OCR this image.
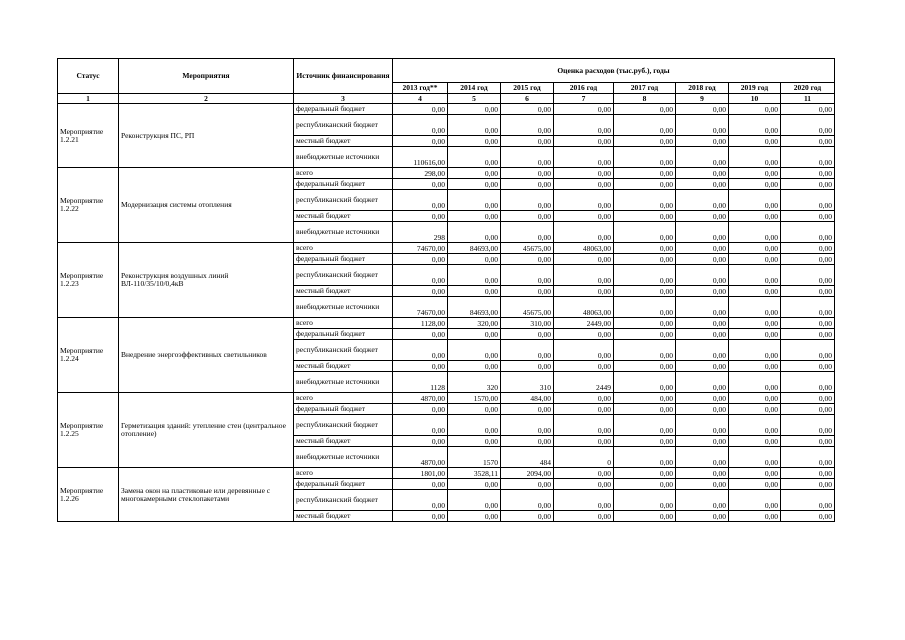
Статус	Мероприятия	Источник финансирования	Оценка расходов (тыс.руб.), годы							
			2013 год**	2014 год	2015 год	2016 год	2017 год	2018 год	2019 год	2020 год
1	2	3	4	5	6	7	8	9	10	11
Мероприятие 1.2.21	Реконструкция ПС, РП	федеральный бюджет	0,00	0,00	0,00	0,00	0,00	0,00	0,00	0,00
		республиканский бюджет	0,00	0,00	0,00	0,00	0,00	0,00	0,00	0,00
		местный бюджет	0,00	0,00	0,00	0,00	0,00	0,00	0,00	0,00
		внебюджетные источники	110616,00	0,00	0,00	0,00	0,00	0,00	0,00	0,00
Мероприятие 1.2.22	Модернизация системы отопления	всего	298,00	0,00	0,00	0,00	0,00	0,00	0,00	0,00
		федеральный бюджет	0,00	0,00	0,00	0,00	0,00	0,00	0,00	0,00
		республиканский бюджет	0,00	0,00	0,00	0,00	0,00	0,00	0,00	0,00
		местный бюджет	0,00	0,00	0,00	0,00	0,00	0,00	0,00	0,00
		внебюджетные источники	298	0,00	0,00	0,00	0,00	0,00	0,00	0,00
Мероприятие 1.2.23	Реконструкция воздушных линий ВЛ-110/35/10/0,4кВ	всего	74670,00	84693,00	45675,00	48063,00	0,00	0,00	0,00	0,00
		федеральный бюджет	0,00	0,00	0,00	0,00	0,00	0,00	0,00	0,00
		республиканский бюджет	0,00	0,00	0,00	0,00	0,00	0,00	0,00	0,00
		местный бюджет	0,00	0,00	0,00	0,00	0,00	0,00	0,00	0,00
		внебюджетные источники	74670,00	84693,00	45675,00	48063,00	0,00	0,00	0,00	0,00
Мероприятие 1.2.24	Внедрение энергоэффективных светильников	всего	1128,00	320,00	310,00	2449,00	0,00	0,00	0,00	0,00
		федеральный бюджет	0,00	0,00	0,00	0,00	0,00	0,00	0,00	0,00
		республиканский бюджет	0,00	0,00	0,00	0,00	0,00	0,00	0,00	0,00
		местный бюджет	0,00	0,00	0,00	0,00	0,00	0,00	0,00	0,00
		внебюджетные источники	1128	320	310	2449	0,00	0,00	0,00	0,00
Мероприятие 1.2.25	Герметизация зданий: утепление стен (центральное отопление)	всего	4870,00	1570,00	484,00	0,00	0,00	0,00	0,00	0,00
		федеральный бюджет	0,00	0,00	0,00	0,00	0,00	0,00	0,00	0,00
		республиканский бюджет	0,00	0,00	0,00	0,00	0,00	0,00	0,00	0,00
		местный бюджет	0,00	0,00	0,00	0,00	0,00	0,00	0,00	0,00
		внебюджетные источники	4870,00	1570	484	0	0,00	0,00	0,00	0,00
Мероприятие 1.2.26	Замена окон на пластиковые или деревянные с многокамерными стеклопакетами	всего	1801,00	3528,11	2094,00	0,00	0,00	0,00	0,00	0,00
		федеральный бюджет	0,00	0,00	0,00	0,00	0,00	0,00	0,00	0,00
		республиканский бюджет	0,00	0,00	0,00	0,00	0,00	0,00	0,00	0,00
		местный бюджет	0,00	0,00	0,00	0,00	0,00	0,00	0,00	0,00
